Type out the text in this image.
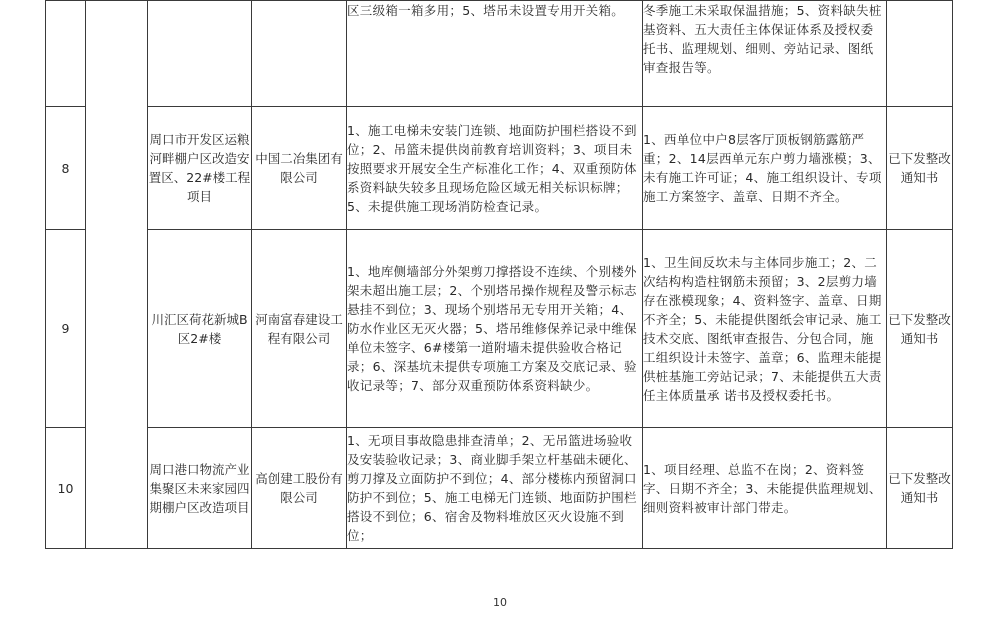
				区三级箱一箱多用；5、塔吊未设置专用开关箱。	冬季施工未采取保温措施；5、资料缺失桩基资料、五大责任主体保证体系及授权委托书、监理规划、细则、旁站记录、图纸审查报告等。	
8		周口市开发区运粮河畔棚户区改造安置区、22#楼工程项目	中国二冶集团有限公司	1、施工电梯未安装门连锁、地面防护围栏搭设不到位；2、吊篮未提供岗前教育培训资料；3、项目未按照要求开展安全生产标准化工作；4、双重预防体系资料缺失较多且现场危险区域无相关标识标牌；5、未提供施工现场消防检查记录。	1、西单位中户8层客厅顶板钢筋露筋严重；2、14层西单元东户剪力墙涨模；3、未有施工许可证；4、施工组织设计、专项施工方案签字、盖章、日期不齐全。	已下发整改通知书
9		川汇区荷花新城B区2#楼	河南富春建设工程有限公司	1、地库侧墙部分外架剪刀撑搭设不连续、个别楼外架未超出施工层；2、个别塔吊操作规程及警示标志悬挂不到位；3、现场个别塔吊无专用开关箱；4、防水作业区无灭火器；5、塔吊维修保养记录中维保单位未签字、6#楼第一道附墙未提供验收合格记录；6、深基坑未提供专项施工方案及交底记录、验收记录等；7、部分双重预防体系资料缺少。	1、卫生间反坎未与主体同步施工；2、二次结构构造柱钢筋未预留；3、2层剪力墙存在涨模现象；4、资料签字、盖章、日期不齐全；5、未能提供图纸会审记录、施工技术交底、图纸审查报告、分包合同，施工组织设计未签字、盖章；6、监理未能提供桩基施工旁站记录；7、未能提供五大责任主体质量承 诺书及授权委托书。	已下发整改通知书
10		周口港口物流产业集聚区未来家园四期棚户区改造项目	高创建工股份有限公司	1、无项目事故隐患排查清单；2、无吊篮进场验收及安装验收记录；3、商业脚手架立杆基础未硬化、剪刀撑及立面防护不到位；4、部分楼栋内预留洞口防护不到位；5、施工电梯无门连锁、地面防护围栏搭设不到位；6、宿舍及物料堆放区灭火设施不到位；	1、项目经理、总监不在岗；2、资料签字、日期不齐全；3、未能提供监理规划、细则资料被审计部门带走。	已下发整改通知书
10
